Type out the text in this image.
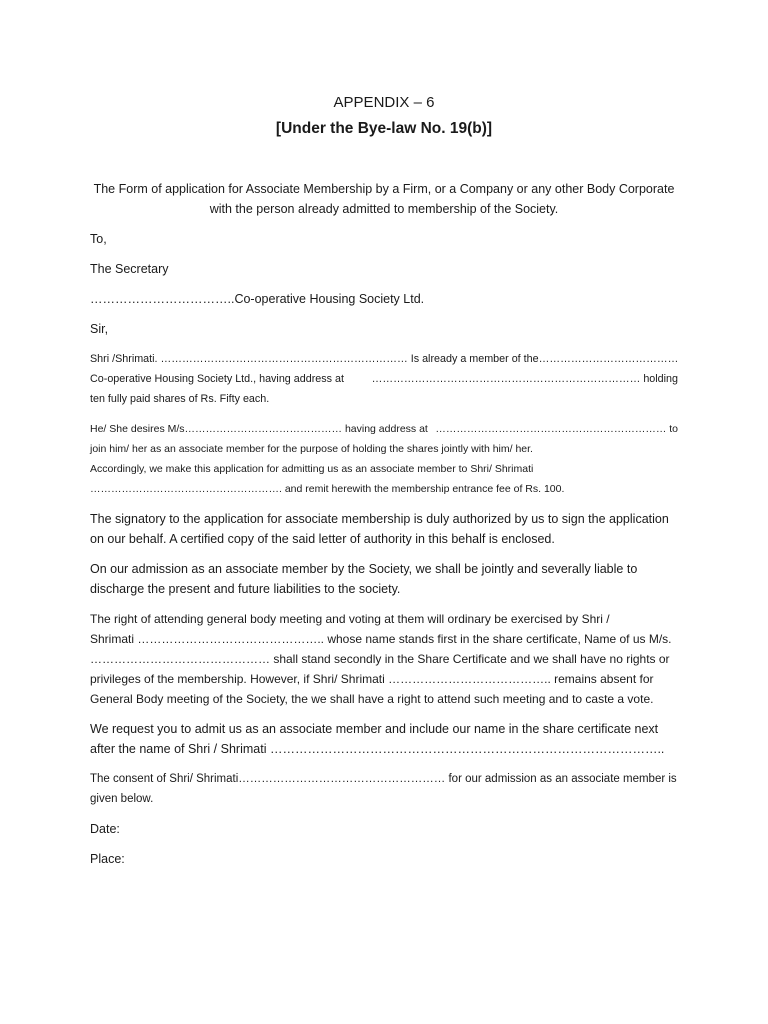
APPENDIX – 6
[Under the Bye-law No. 19(b)]
The Form of application for Associate Membership by a Firm, or a Company or any other Body Corporate
with the person already admitted to membership of the Society.
To,
The Secretary
……………………………..Co-operative Housing Society Ltd.
Sir,
Shri /Shrimati. …………………………………………………………… Is already a member of the …………………………………
Co-operative Housing Society Ltd., having address at	………………………………………………………………… holding
ten fully paid shares of Rs. Fifty each.
He/ She desires M/s……………………………………… having address at ………………………………………………………… to
join him/ her as an associate member for the purpose of holding the shares jointly with him/ her.
Accordingly, we make this application for admitting us as an associate member to Shri/ Shrimati
………………………………………………. and remit herewith the membership entrance fee of Rs. 100.
The signatory to the application for associate membership is duly authorized by us to sign the application
on our behalf. A certified copy of the said letter of authority in this behalf is enclosed.
On our admission as an associate member by the Society, we shall be jointly and severally liable to
discharge the present and future liabilities to the society.
The right of attending general body meeting and voting at them will ordinary be exercised by Shri /
Shrimati ……………………………………….. whose name stands first in the share certificate, Name of us M/s.
……………………………………… shall stand secondly in the Share Certificate and we shall have no rights or
privileges of the membership. However, if Shri/ Shrimati ………………………………….. remains absent for
General Body meeting of the Society, the we shall have a right to attend such meeting and to caste a vote.
We request you to admit us as an associate member and include our name in the share certificate next
after the name of Shri / Shrimati …………………………………………………………………………………..
The consent of Shri/ Shrimati……………………………………………… for our admission as an associate member is
given below.
Date:
Place:
